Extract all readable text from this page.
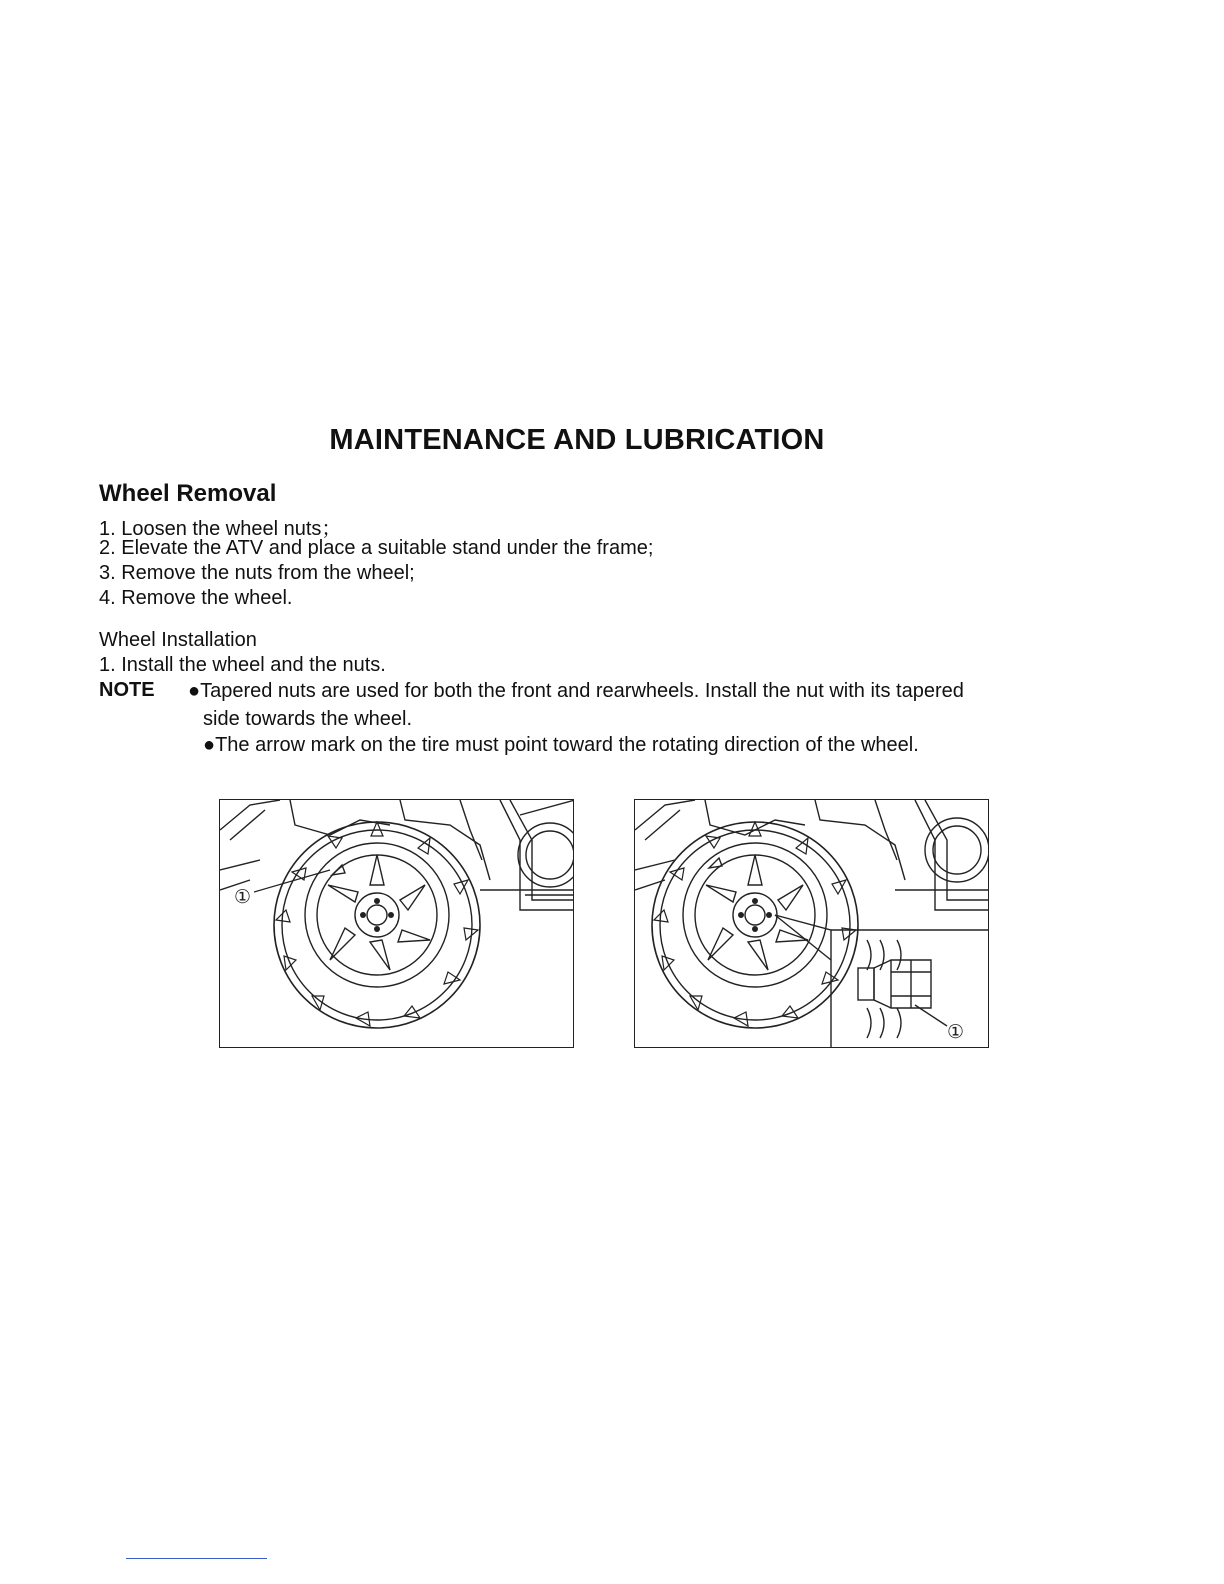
MAINTENANCE AND LUBRICATION
Wheel Removal
1. Loosen the wheel nuts；
2. Elevate the ATV and place a suitable stand under the frame;
3. Remove the nuts from the wheel;
4. Remove the wheel.
Wheel Installation
1. Install the wheel and the nuts.
NOTE ●Tapered nuts are used for both the front and rearwheels. Install the nut with its tapered
side towards the wheel.
●The arrow mark on the tire must point toward the rotating direction of the wheel.
①
①
